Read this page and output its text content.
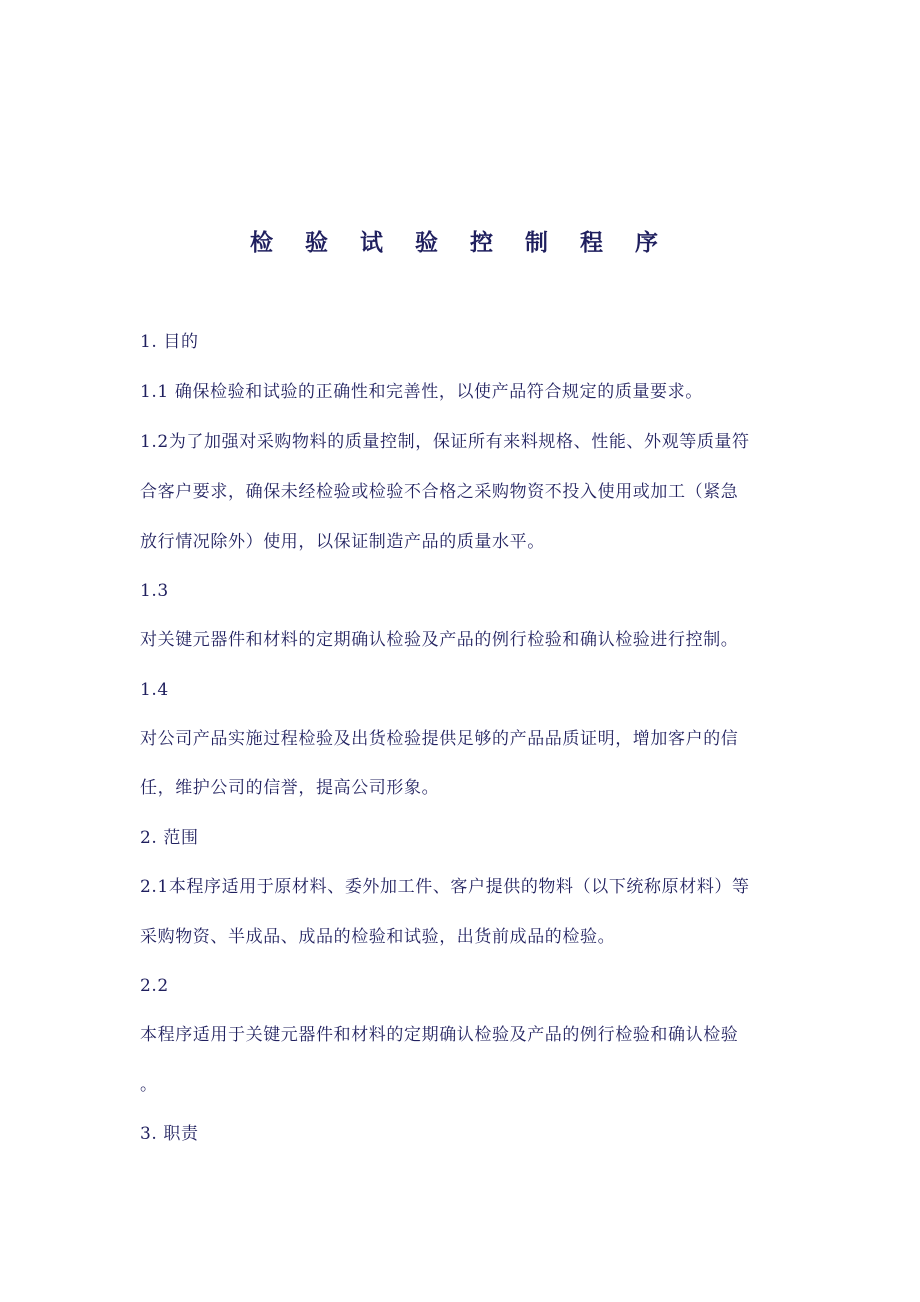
检 验 试 验 控 制 程 序
1. 目的
1.1 确保检验和试验的正确性和完善性，以使产品符合规定的质量要求。
1.2为了加强对采购物料的质量控制，保证所有来料规格、性能、外观等质量符
合客户要求，确保未经检验或检验不合格之采购物资不投入使用或加工（紧急
放行情况除外）使用，以保证制造产品的质量水平。
1.3
对关键元器件和材料的定期确认检验及产品的例行检验和确认检验进行控制。
1.4
对公司产品实施过程检验及出货检验提供足够的产品品质证明，增加客户的信
任，维护公司的信誉，提高公司形象。
2. 范围
2.1本程序适用于原材料、委外加工件、客户提供的物料（以下统称原材料）等
采购物资、半成品、成品的检验和试验，出货前成品的检验。
2.2
本程序适用于关键元器件和材料的定期确认检验及产品的例行检验和确认检验
。
3. 职责
